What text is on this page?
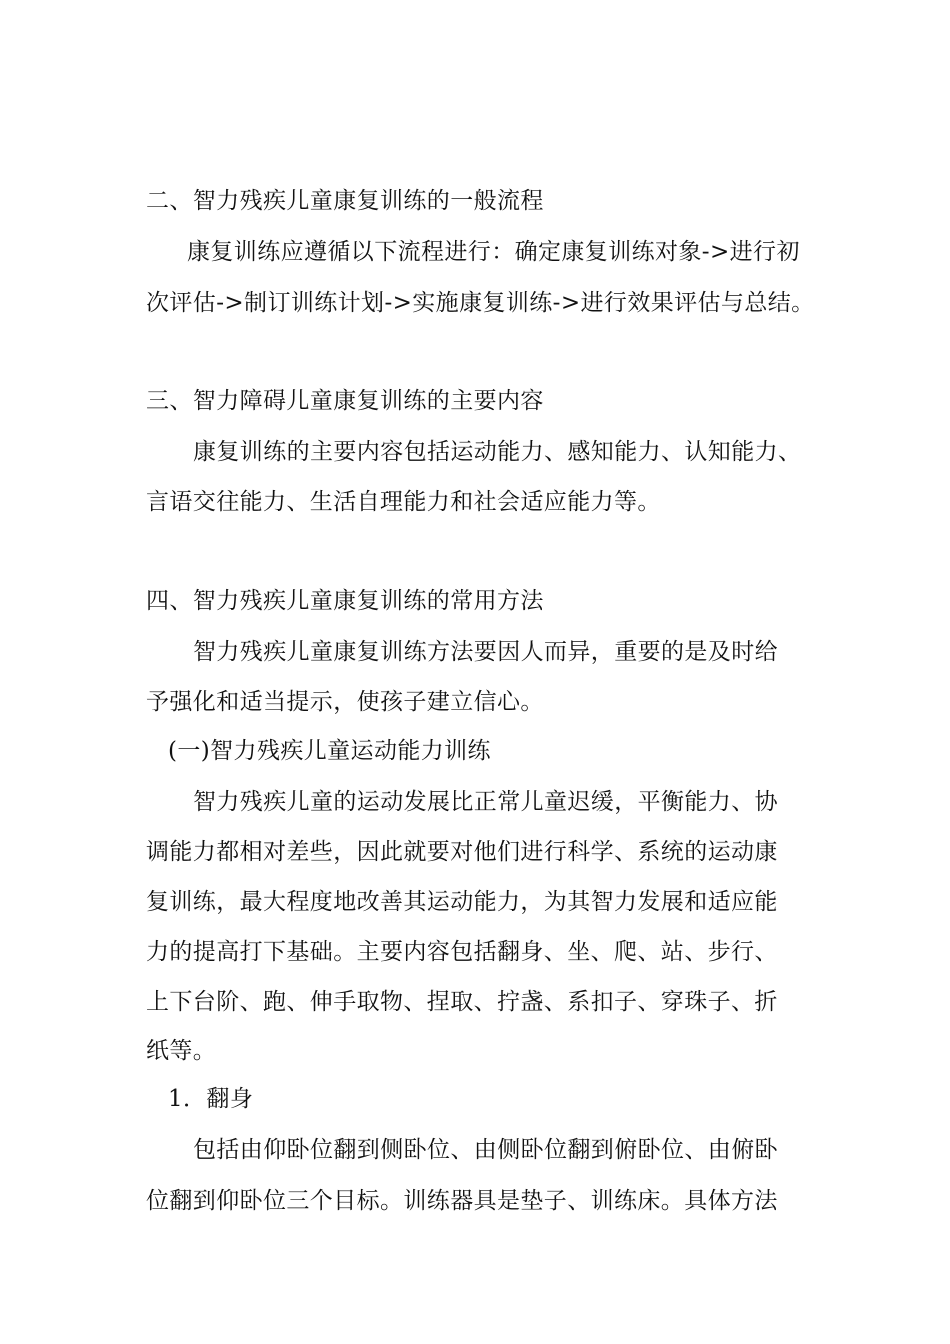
二、智力残疾儿童康复训练的一般流程
康复训练应遵循以下流程进行：确定康复训练对象->进行初
次评估->制订训练计划->实施康复训练->进行效果评估与总结。
三、智力障碍儿童康复训练的主要内容
康复训练的主要内容包括运动能力、感知能力、认知能力、
言语交往能力、生活自理能力和社会适应能力等。
四、智力残疾儿童康复训练的常用方法
智力残疾儿童康复训练方法要因人而异，重要的是及时给
予强化和适当提示，使孩子建立信心。
(一)智力残疾儿童运动能力训练
智力残疾儿童的运动发展比正常儿童迟缓，平衡能力、协
调能力都相对差些，因此就要对他们进行科学、系统的运动康
复训练，最大程度地改善其运动能力，为其智力发展和适应能
力的提高打下基础。主要内容包括翻身、坐、爬、站、步行、
上下台阶、跑、伸手取物、捏取、拧盏、系扣子、穿珠子、折
纸等。
1．翻身
包括由仰卧位翻到侧卧位、由侧卧位翻到俯卧位、由俯卧
位翻到仰卧位三个目标。训练器具是垫子、训练床。具体方法
